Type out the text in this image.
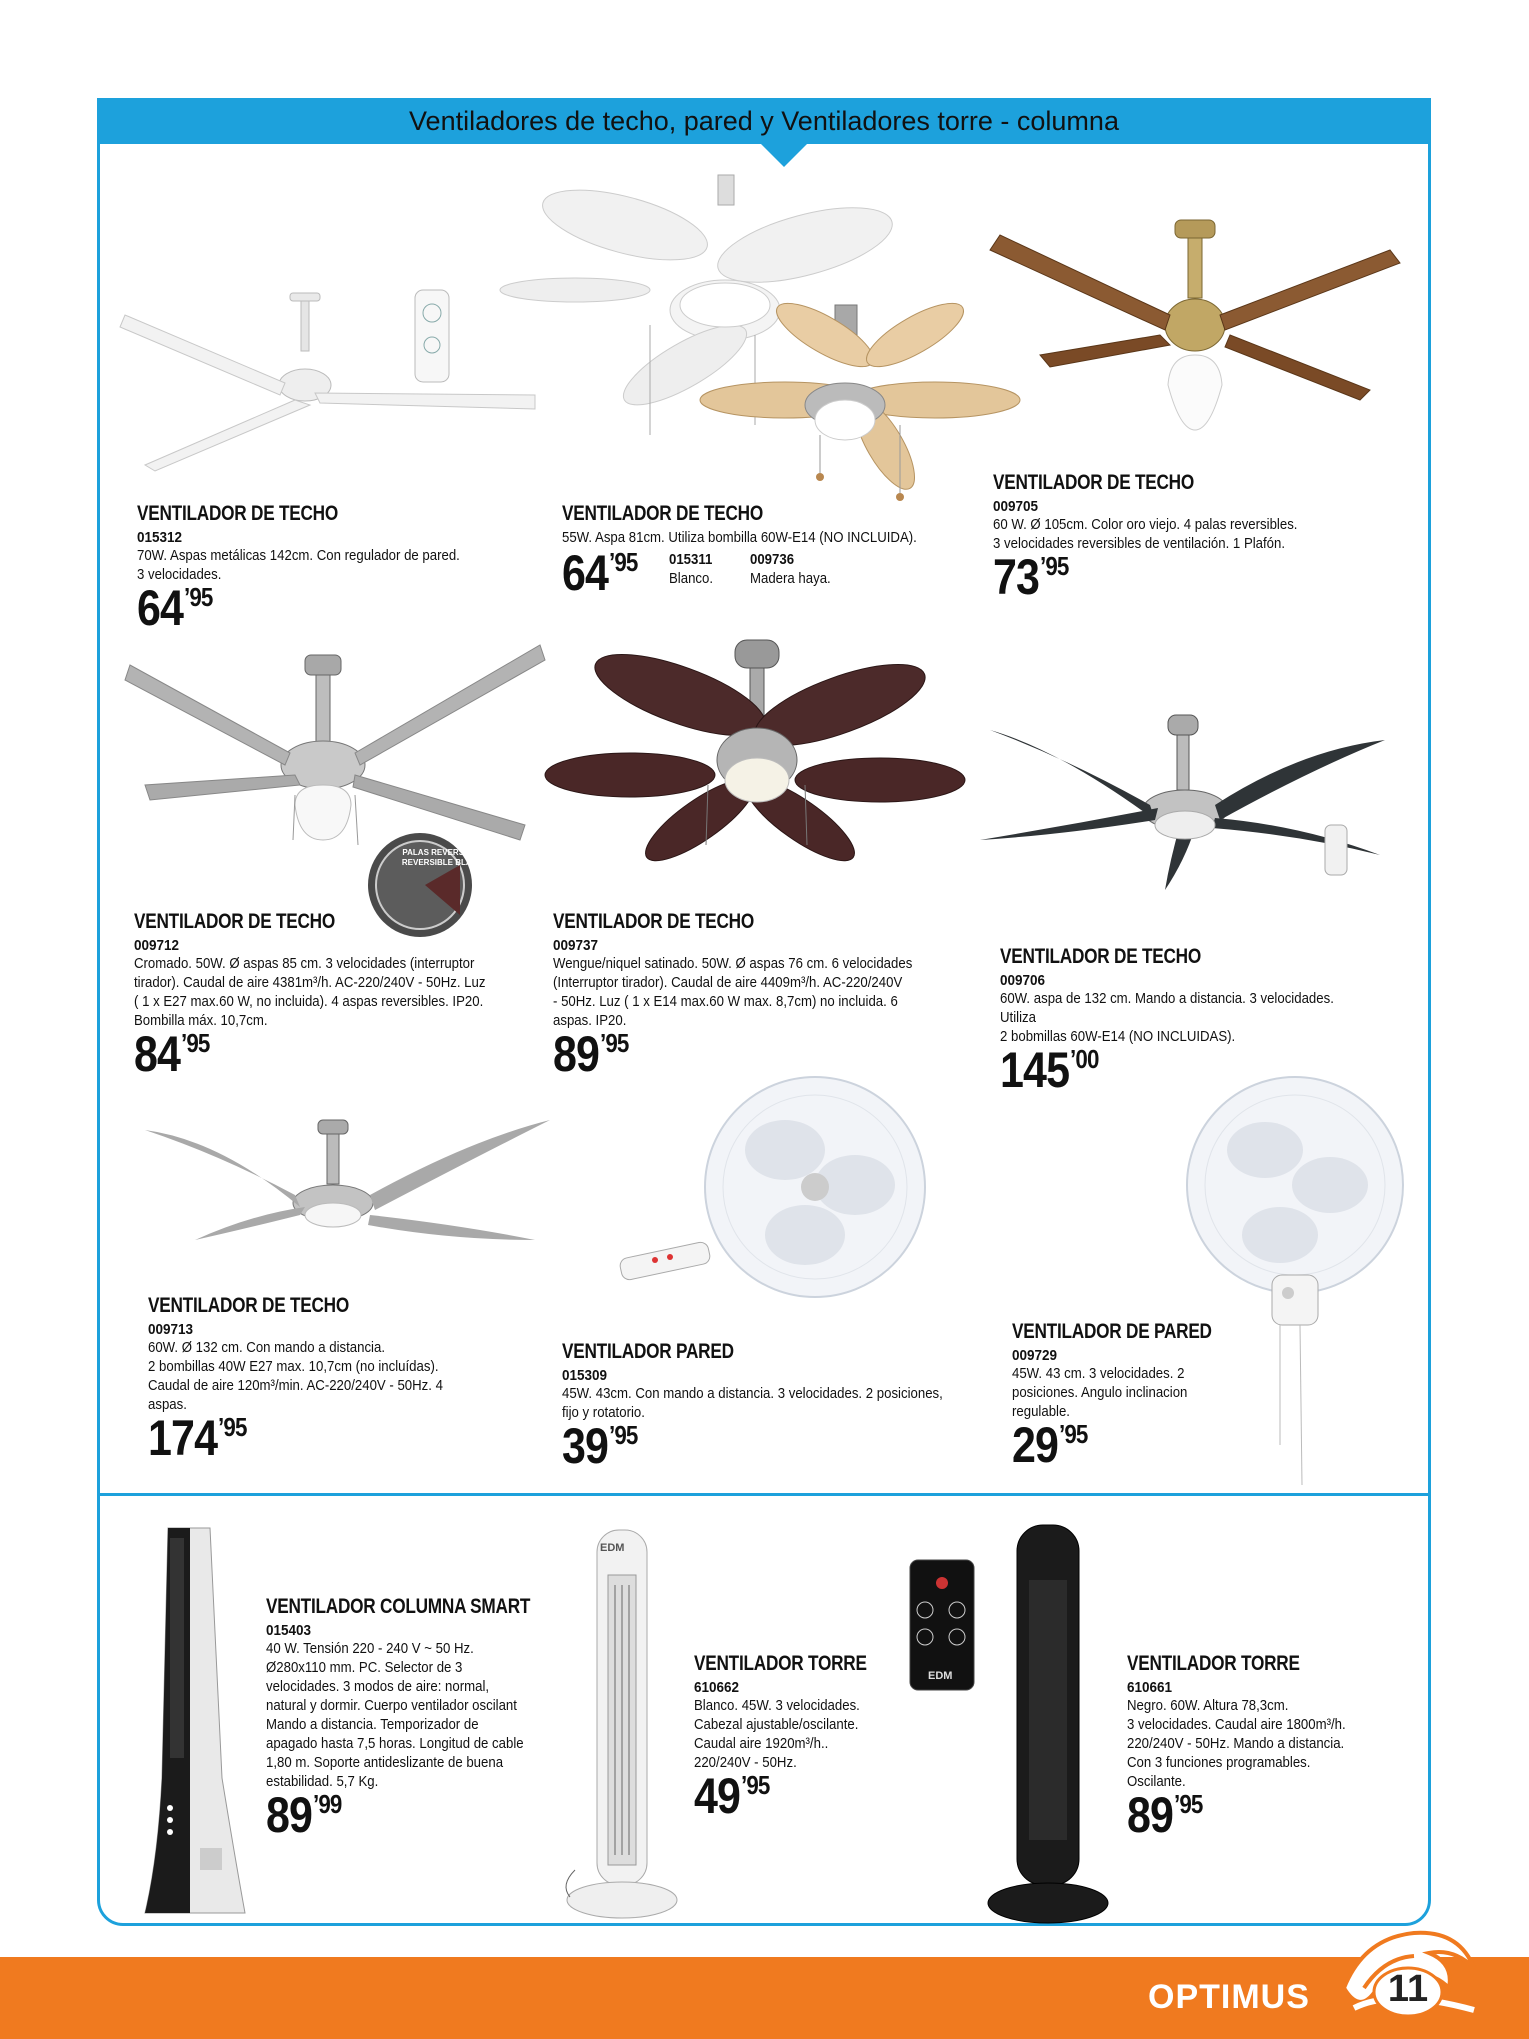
Ventiladores de techo, pared y Ventiladores torre - columna
PALAS REVERSIBLES
REVERSIBLE BLADES
EDM
EDM
VENTILADOR DE TECHO
015312
70W. Aspas metálicas 142cm. Con regulador de pared.
3 velocidades.
64 ’95
VENTILADOR DE TECHO
55W. Aspa 81cm. Utiliza bombilla 60W-E14 (NO INCLUIDA).
64 ’95 015311
Blanco.
009736
Madera haya.
VENTILADOR DE TECHO
009705
60 W. Ø 105cm. Color oro viejo. 4 palas reversibles.
3 velocidades reversibles de ventilación. 1 Plafón.
73 ’95
VENTILADOR DE TECHO
009712
Cromado. 50W. Ø aspas 85 cm. 3 velocidades (interruptor
tirador). Caudal de aire 4381m³/h. AC-220/240V - 50Hz. Luz
( 1 x E27 max.60 W, no incluida). 4 aspas reversibles. IP20.
Bombilla máx. 10,7cm.
84 ’95
VENTILADOR DE TECHO
009737
Wengue/niquel satinado. 50W. Ø aspas 76 cm. 6 velocidades
(Interruptor tirador). Caudal de aire 4409m³/h. AC-220/240V
- 50Hz. Luz ( 1 x E14 max.60 W max. 8,7cm) no incluida. 6
aspas. IP20.
89 ’95
VENTILADOR DE TECHO
009706
60W. aspa de 132 cm. Mando a distancia. 3 velocidades.
Utiliza
2 bobmillas 60W-E14 (NO INCLUIDAS).
145 ’00
VENTILADOR DE TECHO
009713
60W. Ø 132 cm. Con mando a distancia.
2 bombillas 40W E27 max. 10,7cm (no incluídas).
Caudal de aire 120m³/min. AC-220/240V - 50Hz. 4
aspas.
174 ’95
VENTILADOR PARED
015309
45W. 43cm. Con mando a distancia. 3 velocidades. 2 posiciones,
fijo y rotatorio.
39 ’95
VENTILADOR DE PARED
009729
45W. 43 cm. 3 velocidades. 2
posiciones. Angulo inclinacion
regulable.
29 ’95
VENTILADOR COLUMNA SMART
015403
40 W. Tensión 220 - 240 V ~ 50 Hz.
Ø280x110 mm. PC. Selector de 3
velocidades. 3 modos de aire: normal,
natural y dormir. Cuerpo ventilador oscilant
Mando a distancia. Temporizador de
apagado hasta 7,5 horas. Longitud de cable
1,80 m. Soporte antideslizante de buena
estabilidad. 5,7 Kg.
89 ’99
VENTILADOR TORRE
610662
Blanco. 45W. 3 velocidades.
Cabezal ajustable/oscilante.
Caudal aire 1920m³/h..
220/240V - 50Hz.
49 ’95
VENTILADOR TORRE
610661
Negro. 60W. Altura 78,3cm.
3 velocidades. Caudal aire 1800m³/h.
220/240V - 50Hz. Mando a distancia.
Con 3 funciones programables.
Oscilante.
89 ’95
OPTIMUS	11
